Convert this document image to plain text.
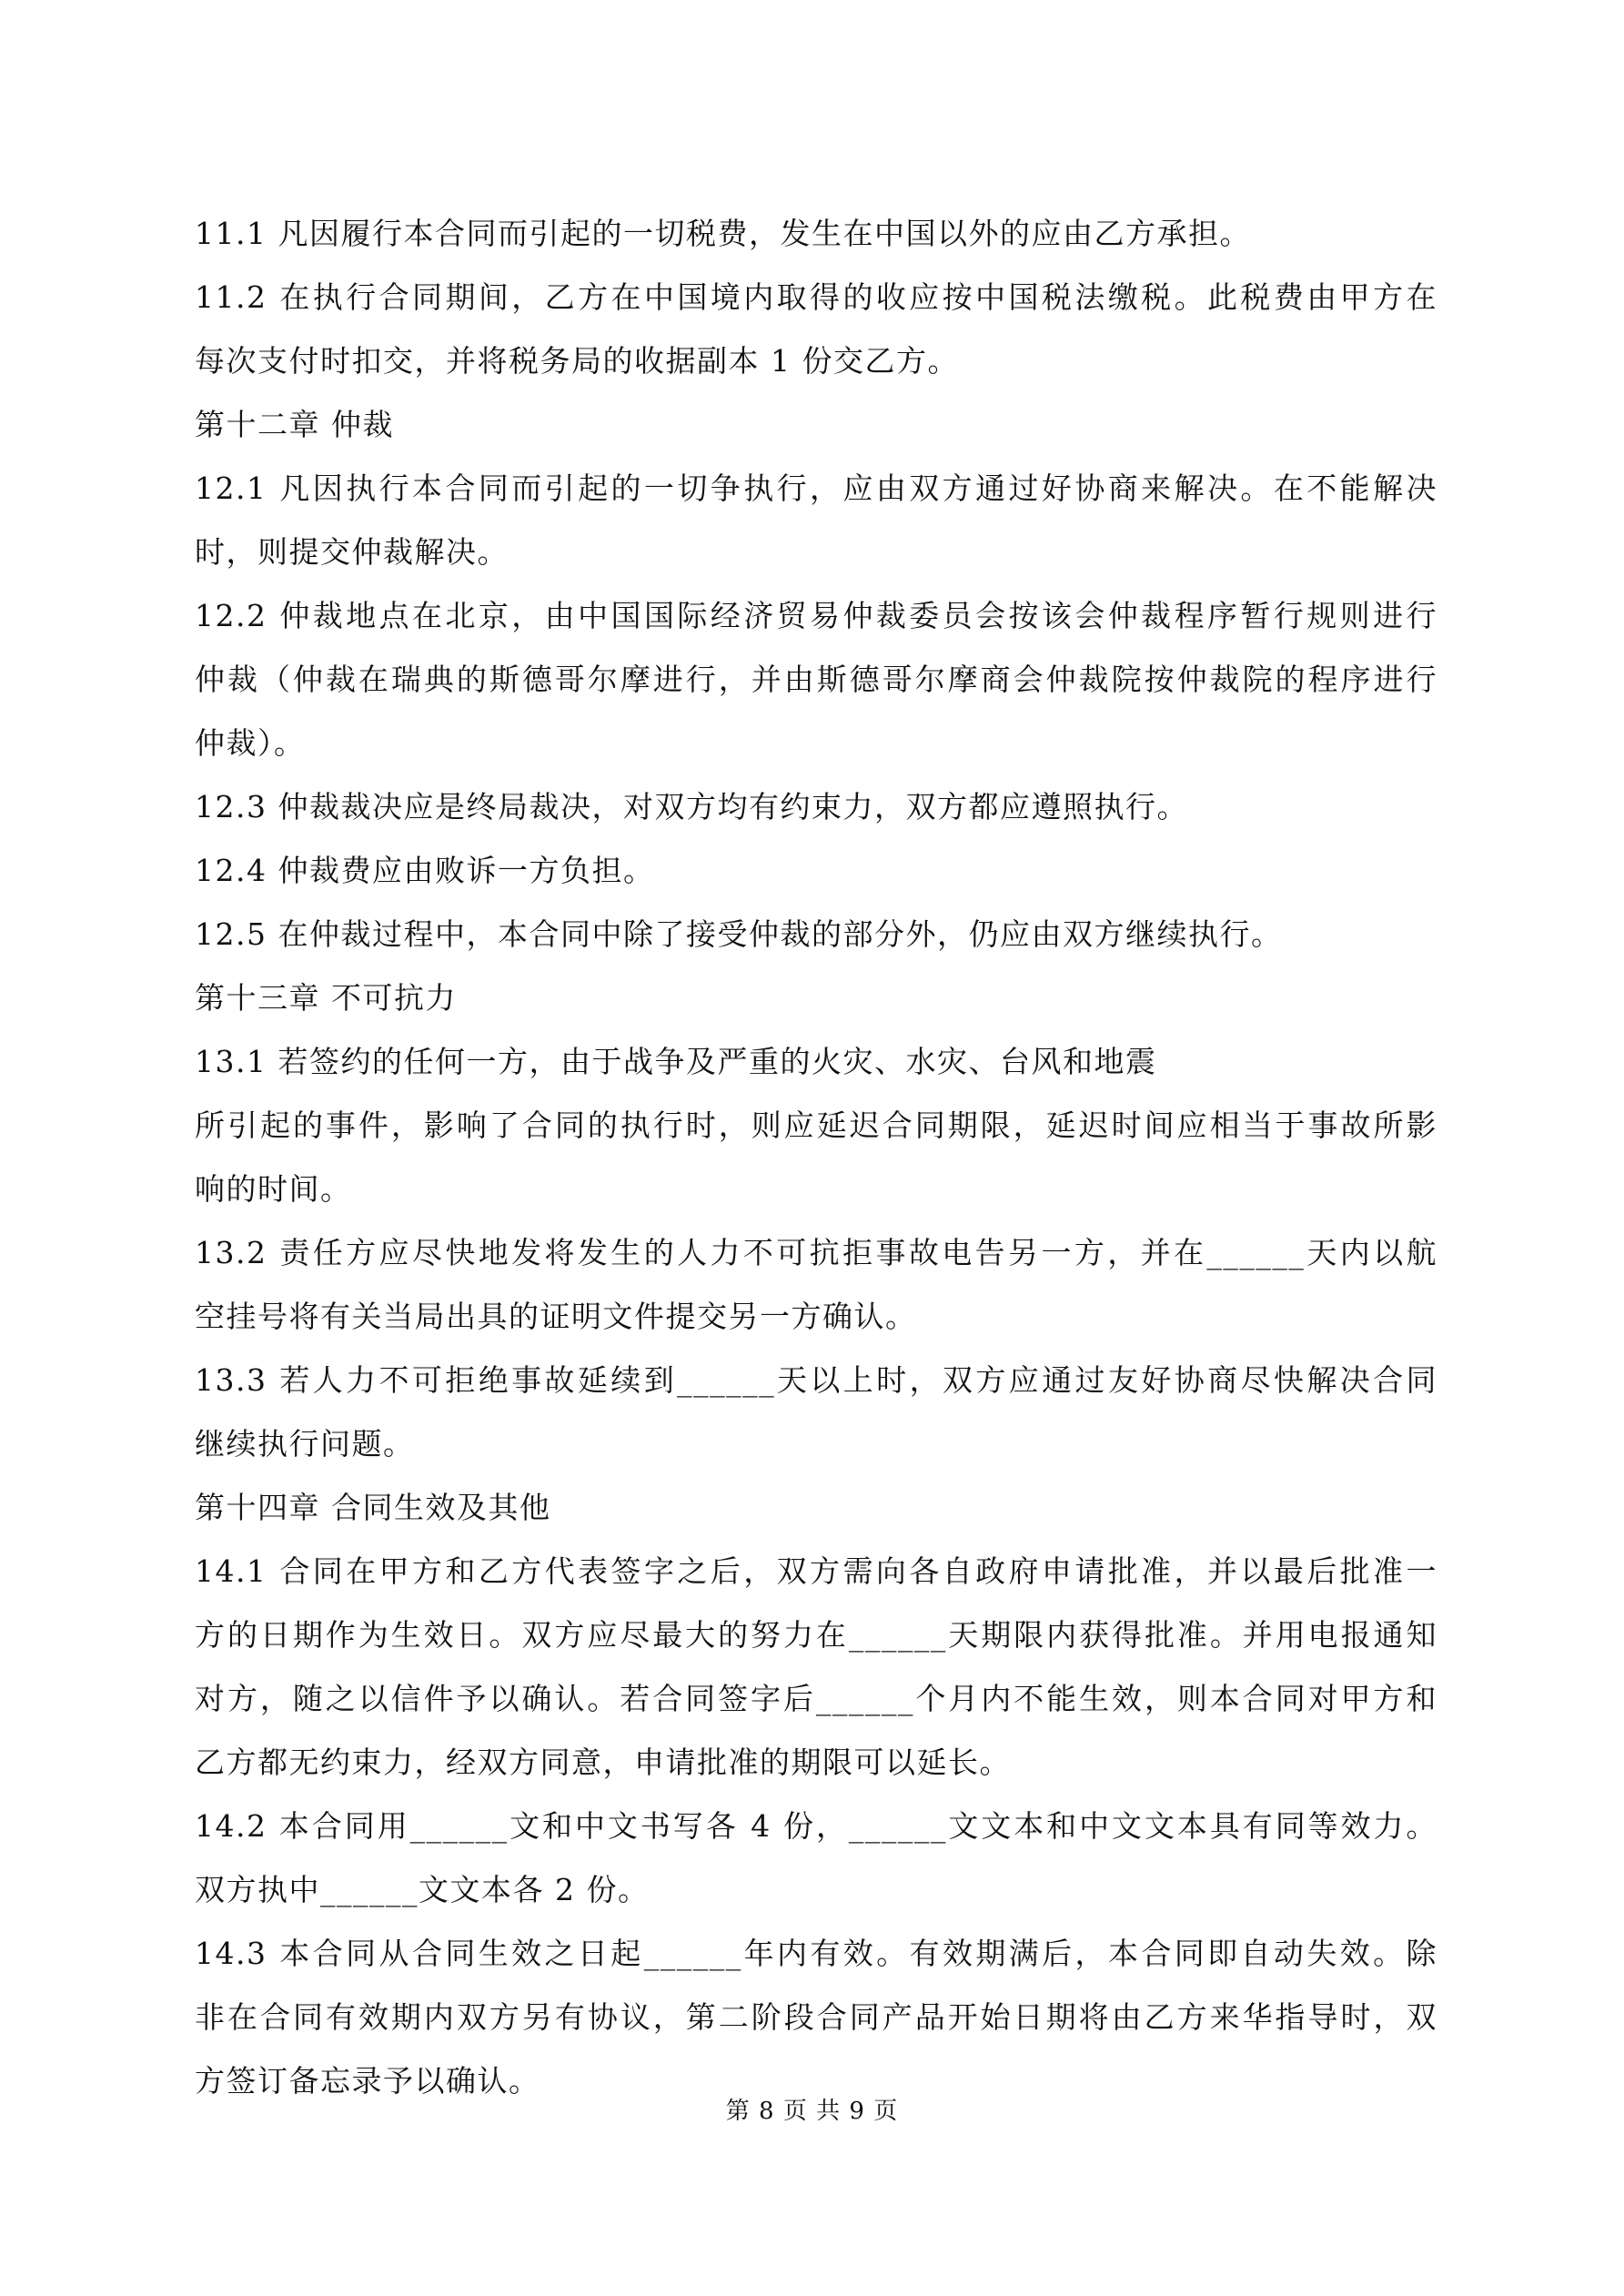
11.1 凡因履行本合同而引起的一切税费，发生在中国以外的应由乙方承担。
11.2 在执行合同期间，乙方在中国境内取得的收应按中国税法缴税。此税费由甲方在
每次支付时扣交，并将税务局的收据副本 1 份交乙方。
第十二章 仲裁
12.1 凡因执行本合同而引起的一切争执行，应由双方通过好协商来解决。在不能解决
时，则提交仲裁解决。
12.2 仲裁地点在北京，由中国国际经济贸易仲裁委员会按该会仲裁程序暂行规则进行
仲裁（仲裁在瑞典的斯德哥尔摩进行，并由斯德哥尔摩商会仲裁院按仲裁院的程序进行
仲裁）。
12.3 仲裁裁决应是终局裁决，对双方均有约束力，双方都应遵照执行。
12.4 仲裁费应由败诉一方负担。
12.5 在仲裁过程中，本合同中除了接受仲裁的部分外，仍应由双方继续执行。
第十三章 不可抗力
13.1 若签约的任何一方，由于战争及严重的火灾、水灾、台风和地震
所引起的事件，影响了合同的执行时，则应延迟合同期限，延迟时间应相当于事故所影
响的时间。
13.2 责任方应尽快地发将发生的人力不可抗拒事故电告另一方，并在______天内以航
空挂号将有关当局出具的证明文件提交另一方确认。
13.3 若人力不可拒绝事故延续到______天以上时，双方应通过友好协商尽快解决合同
继续执行问题。
第十四章 合同生效及其他
14.1 合同在甲方和乙方代表签字之后，双方需向各自政府申请批准，并以最后批准一
方的日期作为生效日。双方应尽最大的努力在______天期限内获得批准。并用电报通知
对方，随之以信件予以确认。若合同签字后______个月内不能生效，则本合同对甲方和
乙方都无约束力，经双方同意，申请批准的期限可以延长。
14.2 本合同用______文和中文书写各 4 份，______文文本和中文文本具有同等效力。
双方执中______文文本各 2 份。
14.3 本合同从合同生效之日起______年内有效。有效期满后，本合同即自动失效。除
非在合同有效期内双方另有协议，第二阶段合同产品开始日期将由乙方来华指导时，双
方签订备忘录予以确认。
第 8 页 共 9 页
